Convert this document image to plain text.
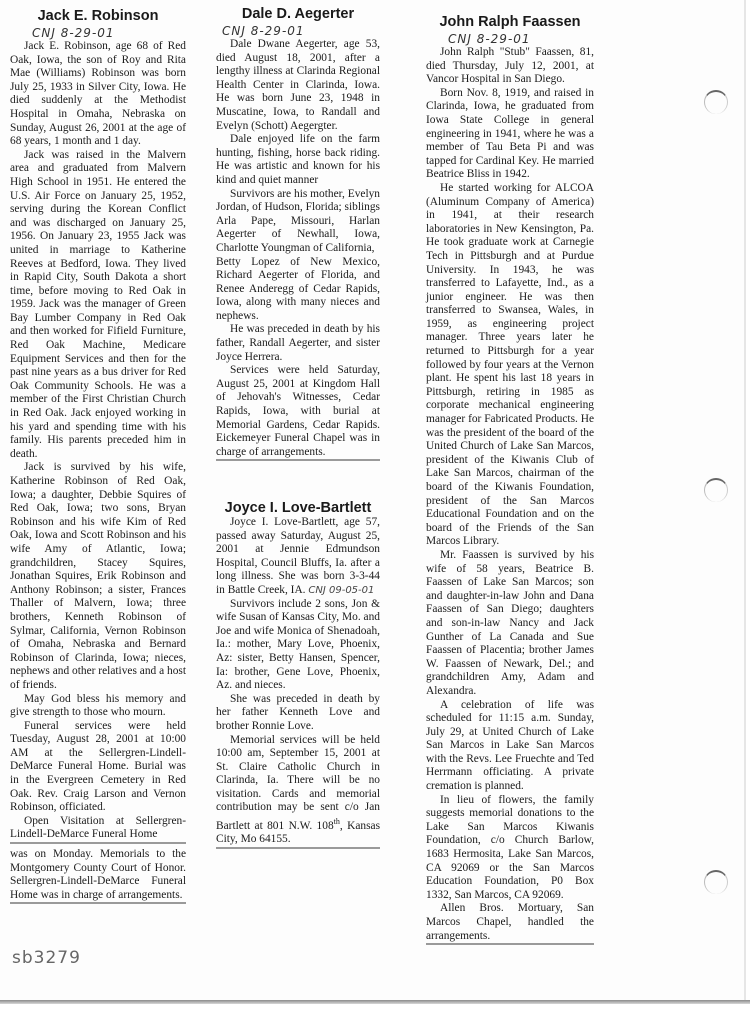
Jack E. Robinson
CNJ 8-29-01

Jack E. Robinson, age 68 of Red Oak, Iowa, the son of Roy and Rita Mae (Williams) Robinson was born July 25, 1933 in Silver City, Iowa. He died suddenly at the Methodist Hospital in Omaha, Nebraska on Sunday, August 26, 2001 at the age of 68 years, 1 month and 1 day.

Jack was raised in the Malvern area and graduated from Malvern High School in 1951. He entered the U.S. Air Force on January 25, 1952, serving during the Korean Conflict and was discharged on January 25, 1956. On January 23, 1955 Jack was united in marriage to Katherine Reeves at Bedford, Iowa. They lived in Rapid City, South Dakota a short time, before moving to Red Oak in 1959. Jack was the manager of Green Bay Lumber Company in Red Oak and then worked for Fifield Furniture, Red Oak Machine, Medicare Equipment Services and then for the past nine years as a bus driver for Red Oak Community Schools. He was a member of the First Christian Church in Red Oak. Jack enjoyed working in his yard and spending time with his family. His parents preceded him in death.

Jack is survived by his wife, Katherine Robinson of Red Oak, Iowa; a daughter, Debbie Squires of Red Oak, Iowa; two sons, Bryan Robinson and his wife Kim of Red Oak, Iowa and Scott Robinson and his wife Amy of Atlantic, Iowa; grandchildren, Stacey Squires, Jonathan Squires, Erik Robinson and Anthony Robinson; a sister, Frances Thaller of Malvern, Iowa; three brothers, Kenneth Robinson of Sylmar, California, Vernon Robinson of Omaha, Nebraska and Bernard Robinson of Clarinda, Iowa; nieces, nephews and other relatives and a host of friends.

May God bless his memory and give strength to those who mourn.

Funeral services were held Tuesday, August 28, 2001 at 10:00 AM at the Sellergren-Lindell-DeMarce Funeral Home. Burial was in the Evergreen Cemetery in Red Oak. Rev. Craig Larson and Vernon Robinson, officiated.

Open Visitation at Sellergren-Lindell-DeMarce Funeral Home

was on Monday. Memorials to the Montgomery County Court of Honor. Sellergren-Lindell-DeMarce Funeral Home was in charge of arrangements.

Dale D. Aegerter
CNJ 8-29-01

Dale Dwane Aegerter, age 53, died August 18, 2001, after a lengthy illness at Clarinda Regional Health Center in Clarinda, Iowa. He was born June 23, 1948 in Muscatine, Iowa, to Randall and Evelyn (Schott) Aegergter.

Dale enjoyed life on the farm hunting, fishing, horse back riding. He was artistic and known for his kind and quiet manner

Survivors are his mother, Evelyn Jordan, of Hudson, Florida; siblings Arla Pape, Missouri, Harlan Aegerter of Newhall, Iowa, Charlotte Youngman of California,

Betty Lopez of New Mexico, Richard Aegerter of Florida, and Renee Anderegg of Cedar Rapids, Iowa, along with many nieces and nephews.

He was preceded in death by his father, Randall Aegerter, and sister Joyce Herrera.

Services were held Saturday, August 25, 2001 at Kingdom Hall of Jehovah's Witnesses, Cedar Rapids, Iowa, with burial at Memorial Gardens, Cedar Rapids. Eickemeyer Funeral Chapel was in charge of arrangements.

Joyce I. Love-Bartlett

Joyce I. Love-Bartlett, age 57, passed away Saturday, August 25, 2001 at Jennie Edmundson Hospital, Council Bluffs, Ia. after a long illness. She was born 3-3-44 in Battle Creek, IA. CNJ 09-05-01

Survivors include 2 sons, Jon & wife Susan of Kansas City, Mo. and Joe and wife Monica of Shenadoah, Ia.: mother, Mary Love, Phoenix, Az: sister, Betty Hansen, Spencer, Ia: brother, Gene Love, Phoenix, Az. and nieces.

She was preceded in death by her father Kenneth Love and brother Ronnie Love.

Memorial services will be held 10:00 am, September 15, 2001 at St. Claire Catholic Church in Clarinda, Ia. There will be no visitation. Cards and memorial contribution may be sent c/o Jan Bartlett at 801 N.W. 108th, Kansas City, Mo 64155.

John Ralph Faassen
CNJ 8-29-01

John Ralph "Stub" Faassen, 81, died Thursday, July 12, 2001, at Vancor Hospital in San Diego.

Born Nov. 8, 1919, and raised in Clarinda, Iowa, he graduated from Iowa State College in general engineering in 1941, where he was a member of Tau Beta Pi and was tapped for Cardinal Key. He married Beatrice Bliss in 1942.

He started working for ALCOA (Aluminum Company of America) in 1941, at their research laboratories in New Kensington, Pa. He took graduate work at Carnegie Tech in Pittsburgh and at Purdue University. In 1943, he was transferred to Lafayette, Ind., as a junior engineer. He was then transferred to Swansea, Wales, in 1959, as engineering project manager. Three years later he returned to Pittsburgh for a year followed by four years at the Vernon plant. He spent his last 18 years in Pittsburgh, retiring in 1985 as corporate mechanical engineering manager for Fabricated Products. He was the president of the board of the United Church of Lake San Marcos, president of the Kiwanis Club of Lake San Marcos, chairman of the board of the Kiwanis Foundation, president of the San Marcos Educational Foundation and on the board of the Friends of the San Marcos Library.

Mr. Faassen is survived by his wife of 58 years, Beatrice B. Faassen of Lake San Marcos; son and daughter-in-law John and Dana Faassen of San Diego; daughters and son-in-law Nancy and Jack Gunther of La Canada and Sue Faassen of Placentia; brother James W. Faassen of Newark, Del.; and grandchildren Amy, Adam and Alexandra.

A celebration of life was scheduled for 11:15 a.m. Sunday, July 29, at United Church of Lake San Marcos in Lake San Marcos with the Revs. Lee Fruechte and Ted Herrmann officiating. A private cremation is planned.

In lieu of flowers, the family suggests memorial donations to the Lake San Marcos Kiwanis Foundation, c/o Church Barlow, 1683 Hermosita, Lake San Marcos, CA 92069 or the San Marcos Education Foundation, P0 Box 1332, San Marcos, CA 92069.

Allen Bros. Mortuary, San Marcos Chapel, handled the arrangements.

sb3279
